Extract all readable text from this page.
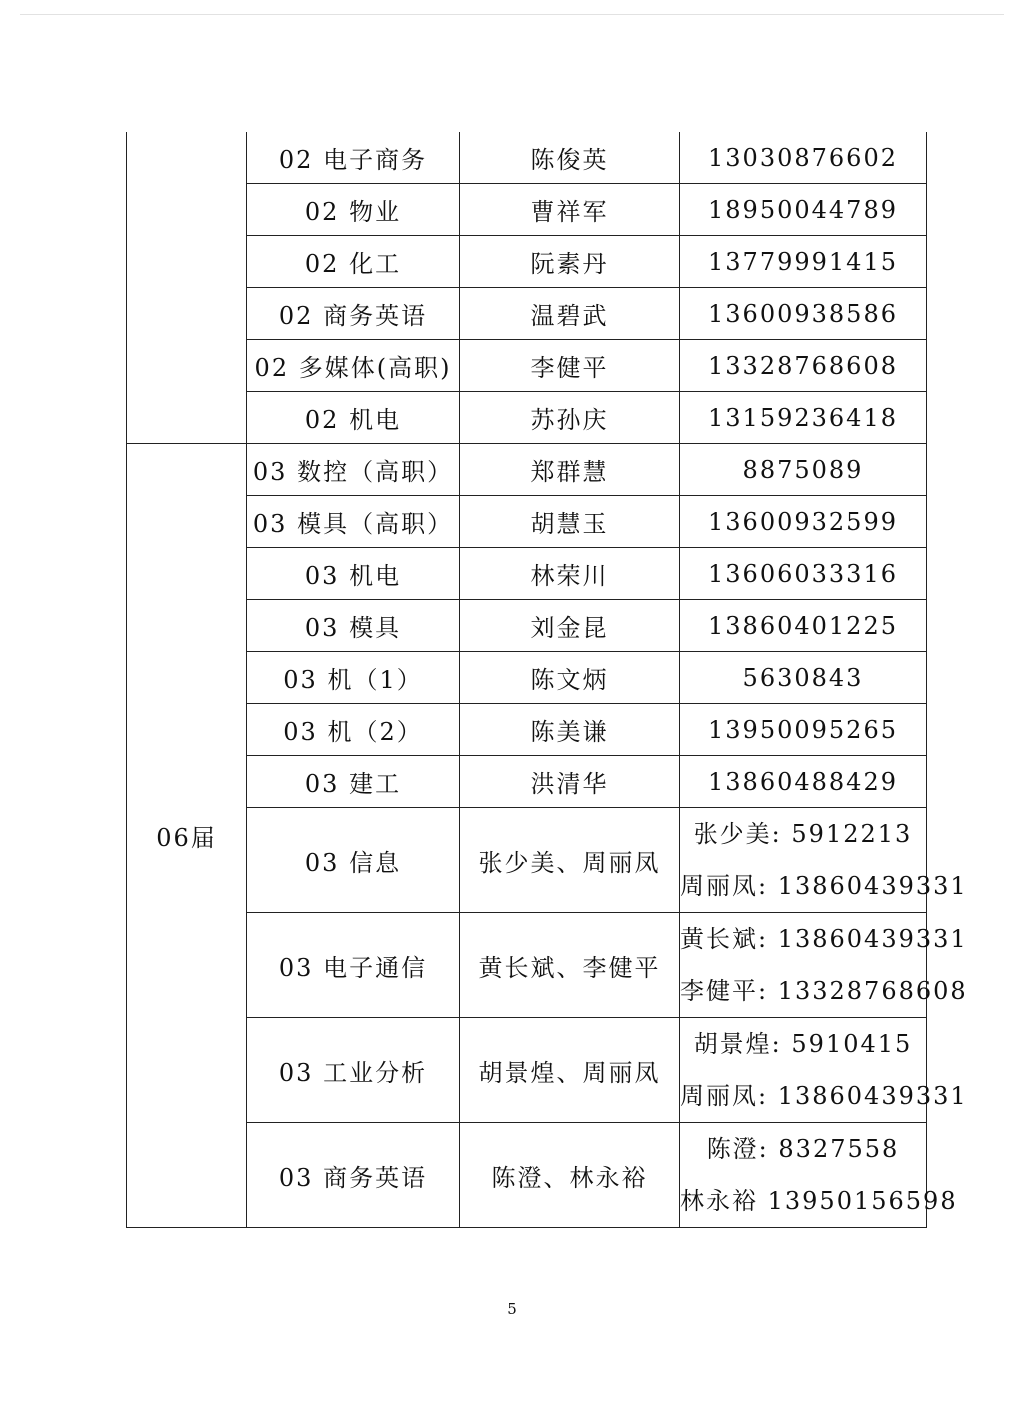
	02 电子商务	陈俊英	13030876602
	02 物业	曹祥军	18950044789
	02 化工	阮素丹	13779991415
	02 商务英语	温碧武	13600938586
	02 多媒体(高职)	李健平	13328768608
	02 机电	苏孙庆	13159236418
06届	03 数控（高职）	郑群慧	8875089
	03 模具（高职）	胡慧玉	13600932599
	03 机电	林荣川	13606033316
	03 模具	刘金昆	13860401225
	03 机（1）	陈文炳	5630843
	03 机（2）	陈美谦	13950095265
	03 建工	洪清华	13860488429
	03 信息	张少美、周丽凤	张少美: 5912213
周丽凤: 13860439331

	03 电子通信	黄长斌、李健平	黄长斌: 13860439331
李健平: 13328768608

	03 工业分析	胡景煌、周丽凤	胡景煌: 5910415
周丽凤: 13860439331

	03 商务英语	陈澄、林永裕	陈澄: 8327558
林永裕 13950156598
5
